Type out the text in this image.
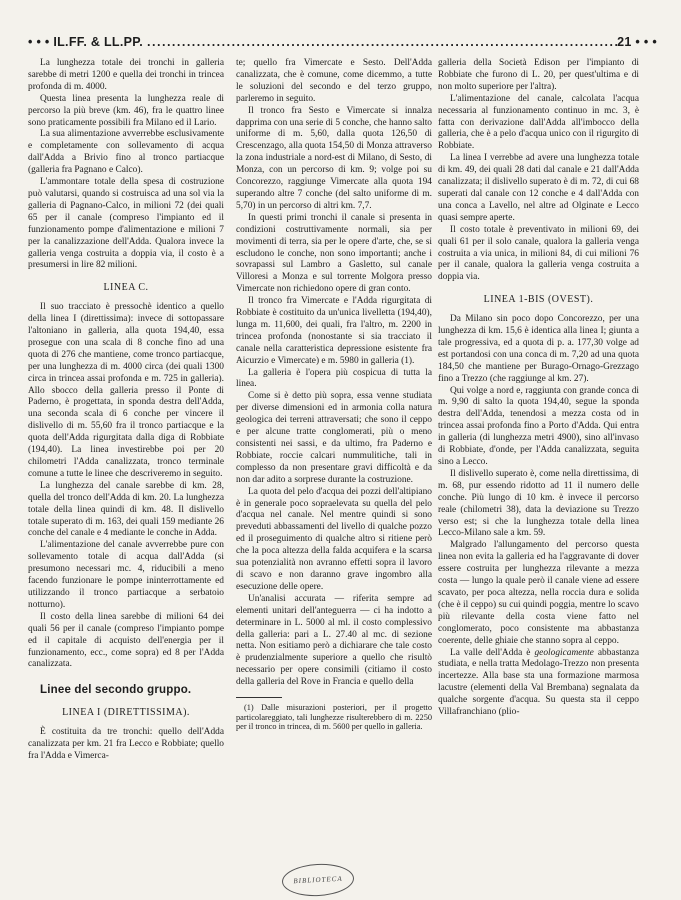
• • • IL.FF. & LL.PP.
.....	21 • • •

La lunghezza totale dei tronchi in galleria sarebbe di metri 1200 e quella dei tronchi in trincea profonda di m. 4000.

Questa linea presenta la lunghezza reale di percorso la più breve (km. 46), fra le quattro linee sono praticamente possibili fra Milano ed il Lario.

La sua alimentazione avverrebbe esclusivamente e completamente con sollevamento di acqua dall'Adda a Brivio fino al tronco partiacque (galleria fra Pagnano e Calco).

L'ammontare totale della spesa di costruzione può valutarsi, quando si costruisca ad una sol via la galleria di Pagnano-Calco, in milioni 72 (dei quali 65 per il canale (compreso l'impianto ed il funzionamento pompe d'alimentazione e milioni 7 per la canalizzazione dell'Adda. Qualora invece la galleria venga costruita a doppia via, il costo è a presumersi in lire 82 milioni.

LINEA C.

Il suo tracciato è pressochè identico a quello della linea I (direttissima): invece di sottopassare l'altoniano in galleria, alla quota 194,40, essa prosegue con una scala di 8 conche fino ad una quota di 276 che mantiene, come tronco partiacque, per una lunghezza di m. 4000 circa (dei quali 1300 circa in trincea assai profonda e m. 725 in galleria). Allo sbocco della galleria presso il Ponte di Paderno, è progettata, in sponda destra dell'Adda, una seconda scala di 6 conche per vincere il dislivello di m. 55,60 fra il tronco partiacque e la quota dell'Adda rigurgitata dalla diga di Robbiate (194,40). La linea investirebbe poi per 20 chilometri l'Adda canalizzata, tronco terminale comune a tutte le linee che descriveremo in seguito.

La lunghezza del canale sarebbe di km. 28, quella del tronco dell'Adda di km. 20. La lunghezza totale della linea quindi di km. 48. Il dislivello totale superato di m. 163, dei quali 159 mediante 26 conche del canale e 4 mediante le conche in Adda.

L'alimentazione del canale avverrebbe pure con sollevamento totale di acqua dall'Adda (si presumono necessari mc. 4, riducibili a meno facendo funzionare le pompe ininterrottamente ed utilizzando il tronco partiacque a serbatoio notturno).

Il costo della linea sarebbe di milioni 64 dei quali 56 per il canale (compreso l'impianto pompe ed il capitale di acquisto dell'energia per il funzionamento, ecc., come sopra) ed 8 per l'Adda canalizzata.

Linee del secondo gruppo.
LINEA I (DIRETTISSIMA).

È costituita da tre tronchi: quello dell'Adda canalizzata per km. 21 fra Lecco e Robbiate; quello fra l'Adda e Vimerca-

te; quello fra Vimercate e Sesto. Dell'Adda canalizzata, che è comune, come dicemmo, a tutte le soluzioni del secondo e del terzo gruppo, parleremo in seguito.

Il tronco fra Sesto e Vimercate si innalza dapprima con una serie di 5 conche, che hanno salto uniforme di m. 5,60, dalla quota 126,50 di Crescenzago, alla quota 154,50 di Monza attraverso la zona industriale a nord-est di Milano, di Sesto, di Monza, con un percorso di km. 9; volge poi su Concorezzo, raggiunge Vimercate alla quota 194 superando altre 7 conche (del salto uniforme di m. 5,70) in un percorso di altri km. 7,7.

In questi primi tronchi il canale si presenta in condizioni costruttivamente normali, sia per movimenti di terra, sia per le opere d'arte, che, se si escludono le conche, non sono importanti; anche i sovrapassi sul Lambro a Gasletto, sul canale Villoresi a Monza e sul torrente Molgora presso Vimercate non richiedono opere di gran conto.

Il tronco fra Vimercate e l'Adda rigurgitata di Robbiate è costituito da un'unica livelletta (194,40), lunga m. 11,600, dei quali, fra l'altro, m. 2200 in trincea profonda (nonostante si sia tracciato il canale nella caratteristica depressione esistente fra Aicurzio e Vimercate) e m. 5980 in galleria (1).

La galleria è l'opera più cospicua di tutta la linea.

Come si è detto più sopra, essa venne studiata per diverse dimensioni ed in armonia colla natura geologica dei terreni attraversati; che sono il ceppo e per alcune tratte conglomerati, più o meno consistenti nei sassi, e da ultimo, fra Paderno e Robbiate, roccie calcari nummulitiche, tali in complesso da non presentare gravi difficoltà e da non dar adito a sorprese durante la costruzione.

La quota del pelo d'acqua dei pozzi dell'altipiano è in generale poco sopraelevata su quella del pelo d'acqua nel canale. Nel mentre quindi si sono preveduti abbassamenti del livello di qualche pozzo ed il proseguimento di qualche altro si ritiene però che la poca altezza della falda acquifera e la scarsa sua potenzialità non avranno effetti sopra il lavoro di scavo e non daranno grave ingombro alla esecuzione delle opere.

Un'analisi accurata — riferita sempre ad elementi unitari dell'anteguerra — ci ha indotto a determinare in L. 5000 al ml. il costo complessivo della galleria: pari a L. 27.40 al mc. di sezione netta. Non esitiamo però a dichiarare che tale costo è prudenzialmente superiore a quello che risultò necessario per opere consimili (citiamo il costo della galleria del Rove in Francia e quello della

(1) Dalle misurazioni posteriori, per il progetto particolareggiato, tali lunghezze risulterebbero di m. 2250 per il tronco in trincea, di m. 5600 per quello in galleria.

galleria della Società Edison per l'impianto di Robbiate che furono di L. 20, per quest'ultima e di non molto superiore per l'altra).

L'alimentazione del canale, calcolata l'acqua necessaria al funzionamento continuo in mc. 3, è fatta con derivazione dall'Adda all'imbocco della galleria, che è a pelo d'acqua unico con il rigurgito di Robbiate.

La linea I verrebbe ad avere una lunghezza totale di km. 49, dei quali 28 dati dal canale e 21 dall'Adda canalizzata; il dislivello superato è di m. 72, di cui 68 superati dal canale con 12 conche e 4 dall'Adda con una conca a Lavello, nel altre ad Olginate e Lecco quasi sempre aperte.

Il costo totale è preventivato in milioni 69, dei quali 61 per il solo canale, qualora la galleria venga costruita a via unica, in milioni 84, di cui milioni 76 per il canale, qualora la galleria venga costruita a doppia via.

LINEA 1-BIS (OVEST).

Da Milano sin poco dopo Concorezzo, per una lunghezza di km. 15,6 è identica alla linea I; giunta a tale progressiva, ed a quota di p. a. 177,30 volge ad est portandosi con una conca di m. 7,20 ad una quota 184,50 che mantiene per Burago-Ornago-Grezzago fino a Trezzo (che raggiunge al km. 27).

Qui volge a nord e, raggiunta con grande conca di m. 9,90 di salto la quota 194,40, segue la sponda destra dell'Adda, tenendosi a mezza costa od in trincea assai profonda fino a Porto d'Adda. Qui entra in galleria (di lunghezza metri 4900), sino all'invaso di Robbiate, d'onde, per l'Adda canalizzata, seguita sino a Lecco.

Il dislivello superato è, come nella direttissima, di m. 68, pur essendo ridotto ad 11 il numero delle conche. Più lungo di 10 km. è invece il percorso reale (chilometri 38), data la deviazione su Trezzo verso est; si che la lunghezza totale della linea Lecco-Milano sale a km. 59.

Malgrado l'allungamento del percorso questa linea non evita la galleria ed ha l'aggravante di dover essere costruita per lunghezza rilevante a mezza costa — lungo la quale però il canale viene ad essere scavato, per poca altezza, nella roccia dura e solida (che è il ceppo) su cui quindi poggia, mentre lo scavo più rilevante della costa viene fatto nel conglomerato, poco consistente ma abbastanza coerente, delle ghiaie che stanno sopra al ceppo.

La valle dell'Adda è geologicamente abbastanza studiata, e nella tratta Medolago-Trezzo non presenta incertezze. Alla base sta una formazione marmosa lacustre (elementi della Val Brembana) segnalata da qualche sorgente d'acqua. Su questa sta il ceppo Villafranchiano (plio-

BIBLIOTECA
